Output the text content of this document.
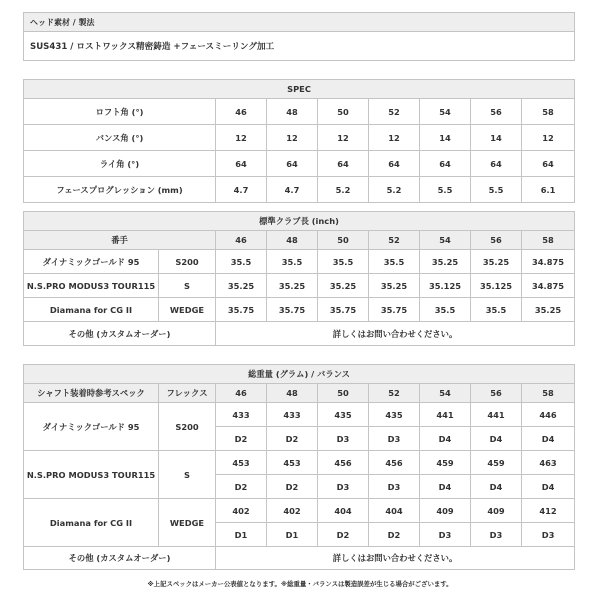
ヘッド素材 / 製法
SUS431 / ロストワックス精密鋳造 +フェースミーリング加工
SPEC							
ロフト角 (°)	46	48	50	52	54	56	58
バンス角 (°)	12	12	12	12	14	14	12
ライ角 (°)	64	64	64	64	64	64	64
フェースプログレッション (mm)	4.7	4.7	5.2	5.2	5.5	5.5	6.1
標準クラブ長 (inch)								
番手		46	48	50	52	54	56	58
ダイナミックゴールド 95	S200	35.5	35.5	35.5	35.5	35.25	35.25	34.875
N.S.PRO MODUS3 TOUR115	S	35.25	35.25	35.25	35.25	35.125	35.125	34.875
Diamana for CG II	WEDGE	35.75	35.75	35.75	35.75	35.5	35.5	35.25
その他 (カスタムオーダー)		詳しくはお問い合わせください。						
総重量 (グラム) / バランス								
シャフト装着時参考スペック	フレックス	46	48	50	52	54	56	58
ダイナミックゴールド 95	S200	433	433	435	435	441	441	446
		D2	D2	D3	D3	D4	D4	D4
N.S.PRO MODUS3 TOUR115	S	453	453	456	456	459	459	463
		D2	D2	D3	D3	D4	D4	D4
Diamana for CG II	WEDGE	402	402	404	404	409	409	412
		D1	D1	D2	D2	D3	D3	D3
その他 (カスタムオーダー)		詳しくはお問い合わせください。						
※上記スペックはメーカー公表値となります。※総重量・バランスは製造誤差が生じる場合がございます。
